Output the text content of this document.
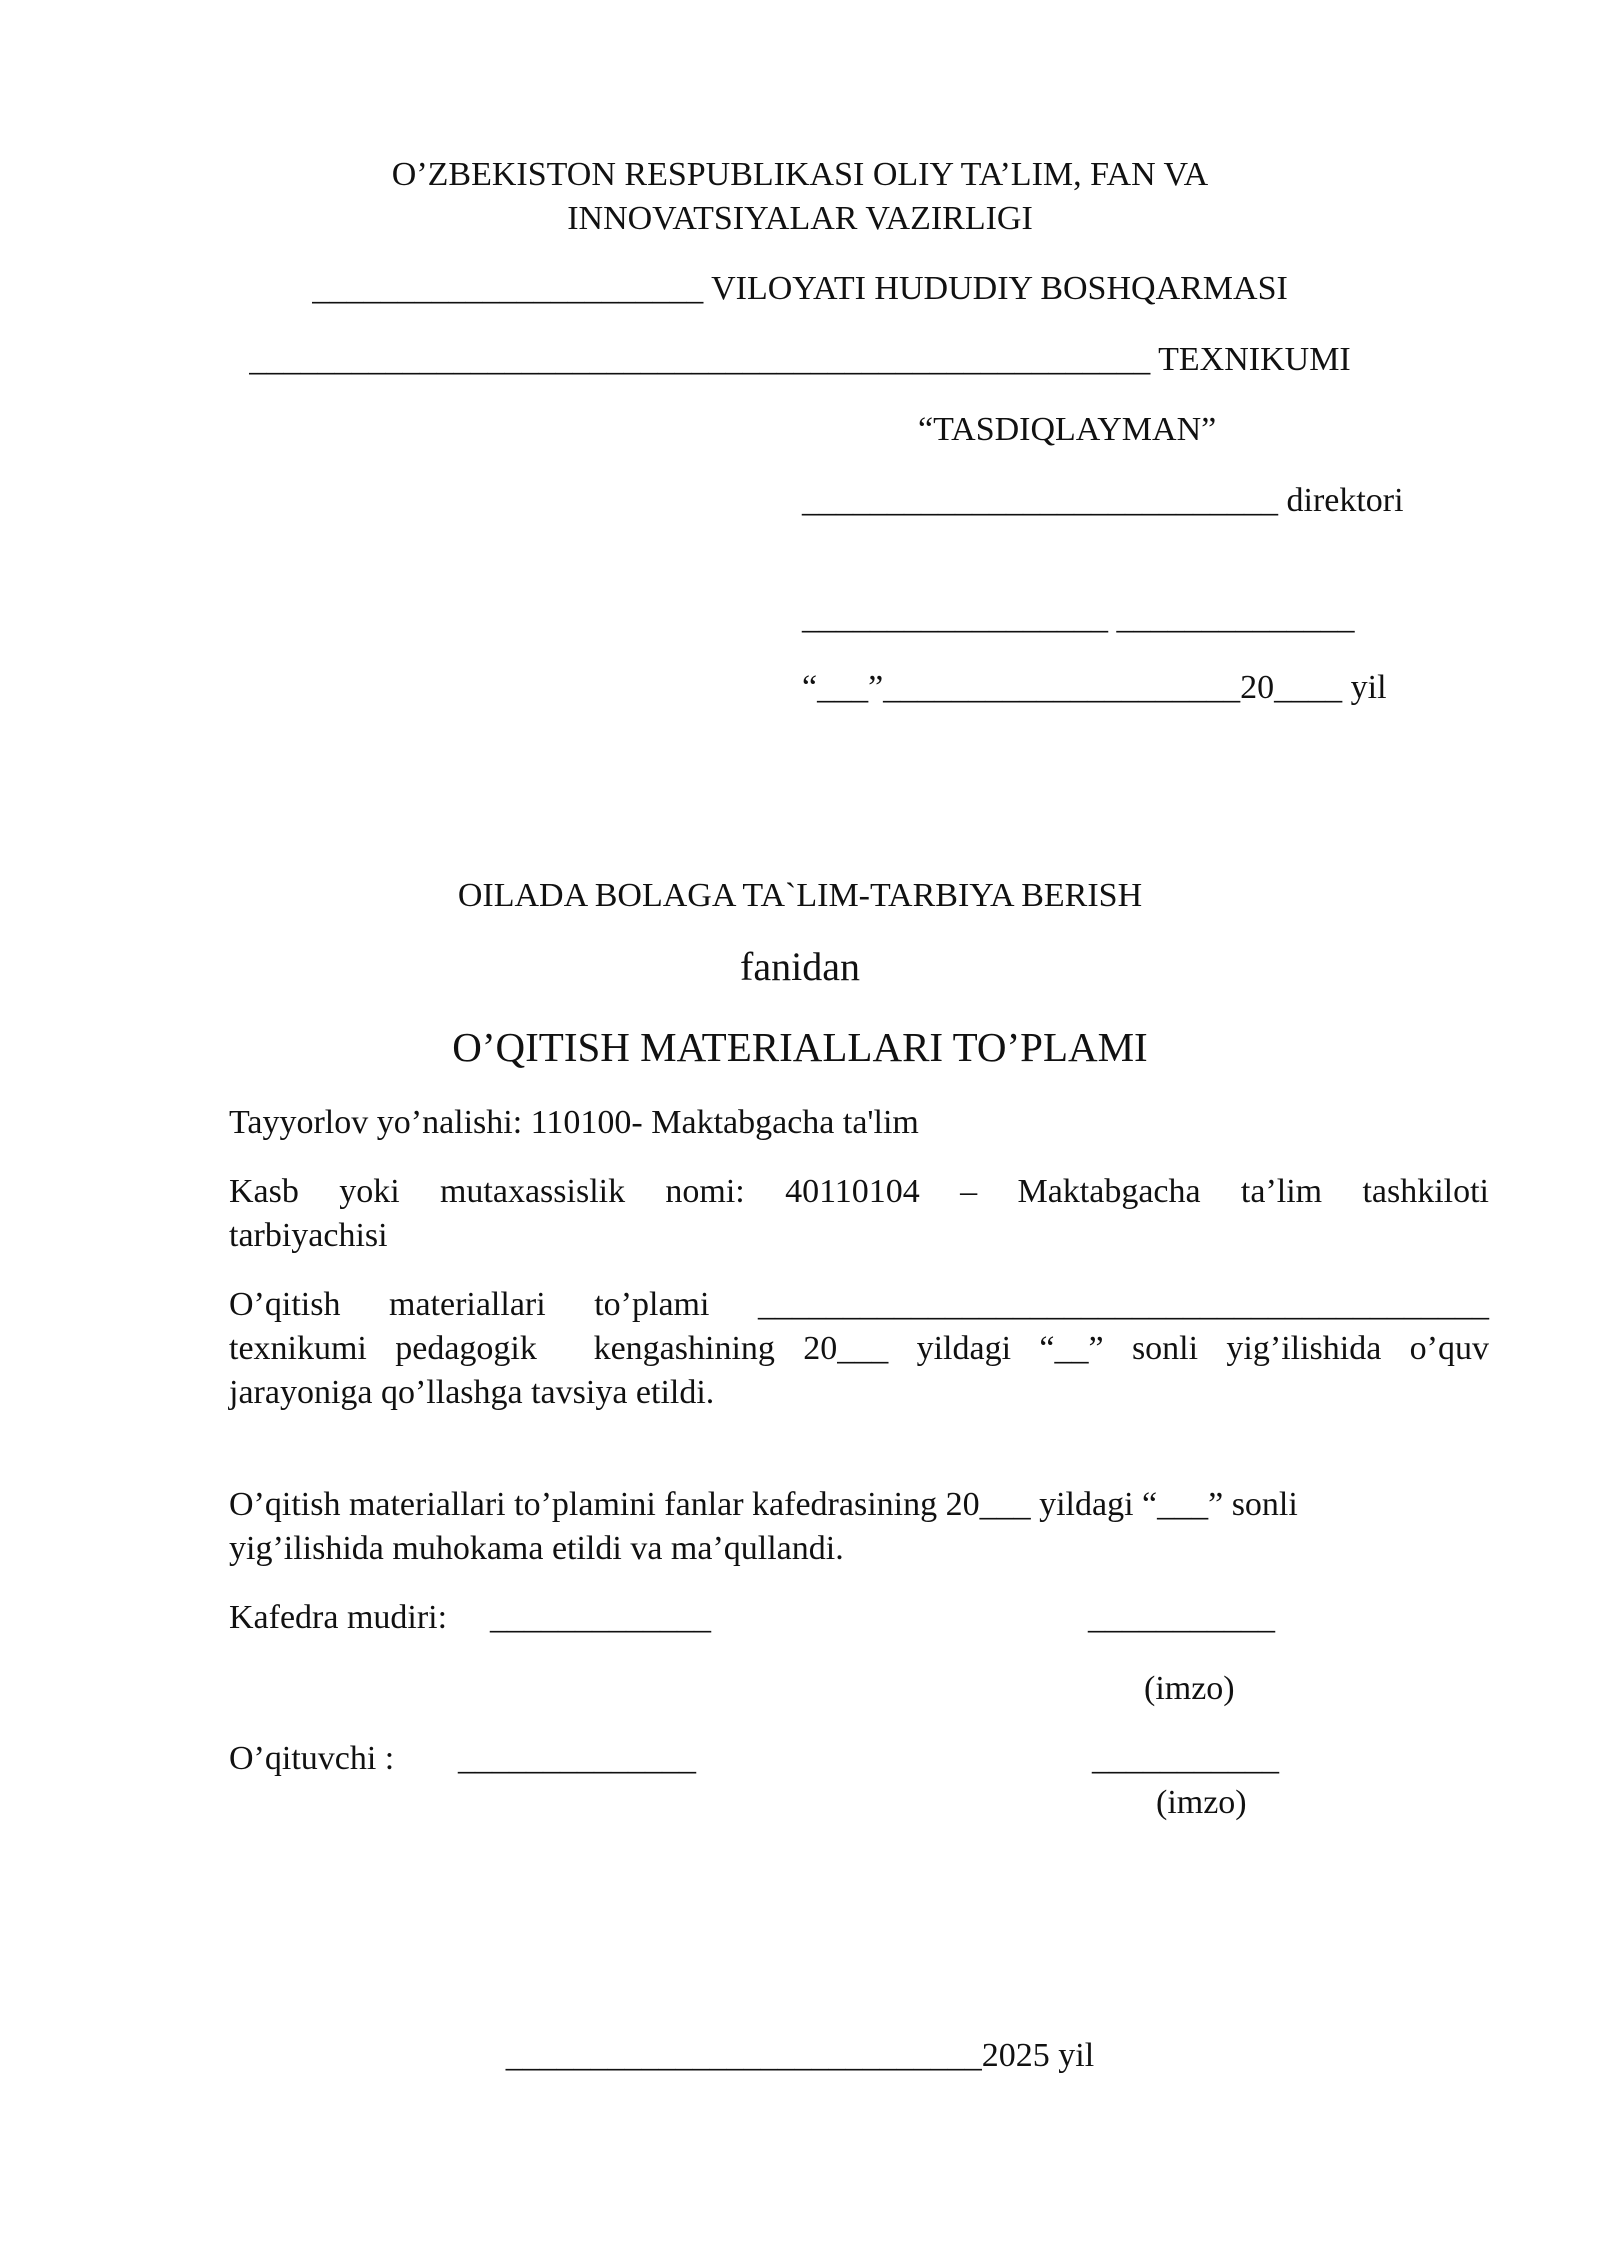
O’ZBEKISTON RESPUBLIKASI OLIY TA’LIM, FAN VA
INNOVATSIYALAR VAZIRLIGI
_______________________ VILOYATI HUDUDIY BOSHQARMASI
_____________________________________________________ TEXNIKUMI
“TASDIQLAYMAN”
____________________________ direktori
__________________ ______________
“___”_____________________20____ yil
OILADA BOLAGA TA`LIM-TARBIYA BERISH
fanidan
O’QITISH MATERIALLARI TO’PLAMI
Tayyorlov yo’nalishi: 110100- Maktabgacha ta'lim
Kasb yoki mutaxassislik nomi: 40110104 – Maktabgacha ta’lim tashkiloti
tarbiyachisi
O’qitish materiallari to’plami ___________________________________________
texnikumi pedagogik  kengashining 20___ yildagi “__” sonli yig’ilishida o’quv
jarayoniga qo’llashga tavsiya etildi.
O’qitish materiallari to’plamini fanlar kafedrasining 20___ yildagi “___” sonli
yig’ilishida muhokama etildi va ma’qullandi.
Kafedra mudiri: _____________	___________
(imzo)
O’qituvchi : ______________	___________
(imzo)
____________________________2025 yil
